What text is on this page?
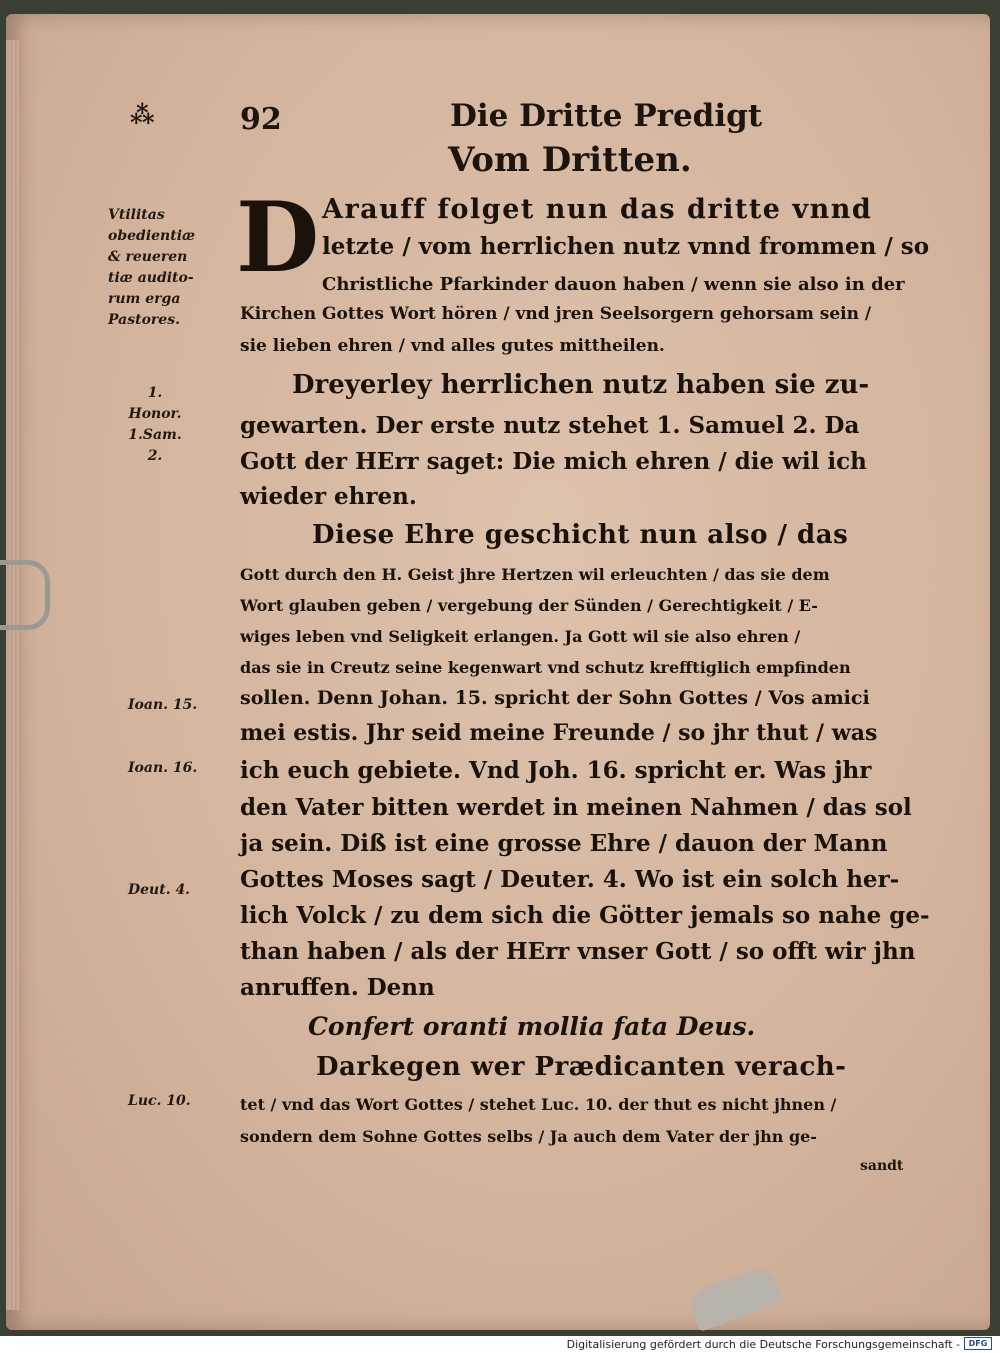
⁂	92	Die Dritte Predigt
Vom Dritten.
Vtilitas
obedientiæ
& reueren
tiæ audito-
rum erga
Pastores.
1.
Honor.
1.Sam. 2.
Ioan. 15.
Ioan. 16.
Deut. 4.
Luc. 10.
D Arauff folget nun das dritte vnnd
letzte / vom herrlichen nutz vnnd frommen / so
Christliche Pfarkinder dauon haben / wenn sie also in der
Kirchen Gottes Wort hören / vnd jren Seelsorgern gehorsam sein /
sie lieben ehren / vnd alles gutes mittheilen.
Dreyerley herrlichen nutz haben sie zu-
gewarten. Der erste nutz stehet 1. Samuel 2. Da
Gott der HErr saget: Die mich ehren / die wil ich
wieder ehren.
Diese Ehre geschicht nun also / das
Gott durch den H. Geist jhre Hertzen wil erleuchten / das sie dem
Wort glauben geben / vergebung der Sünden / Gerechtigkeit / E-
wiges leben vnd Seligkeit erlangen. Ja Gott wil sie also ehren /
das sie in Creutz seine kegenwart vnd schutz krefftiglich empfinden
sollen. Denn Johan. 15. spricht der Sohn Gottes / Vos amici
mei estis. Jhr seid meine Freunde / so jhr thut / was
ich euch gebiete. Vnd Joh. 16. spricht er. Was jhr
den Vater bitten werdet in meinen Nahmen / das sol
ja sein. Diß ist eine grosse Ehre / dauon der Mann
Gottes Moses sagt / Deuter. 4. Wo ist ein solch her-
lich Volck / zu dem sich die Götter jemals so nahe ge-
than haben / als der HErr vnser Gott / so offt wir jhn
anruffen. Denn
Confert oranti mollia fata Deus.
Darkegen wer Prædicanten verach-
tet / vnd das Wort Gottes / stehet Luc. 10. der thut es nicht jhnen /
sondern dem Sohne Gottes selbs / Ja auch dem Vater der jhn ge-
sandt
Digitalisierung gefördert durch die Deutsche Forschungsgemeinschaft -	DFG
